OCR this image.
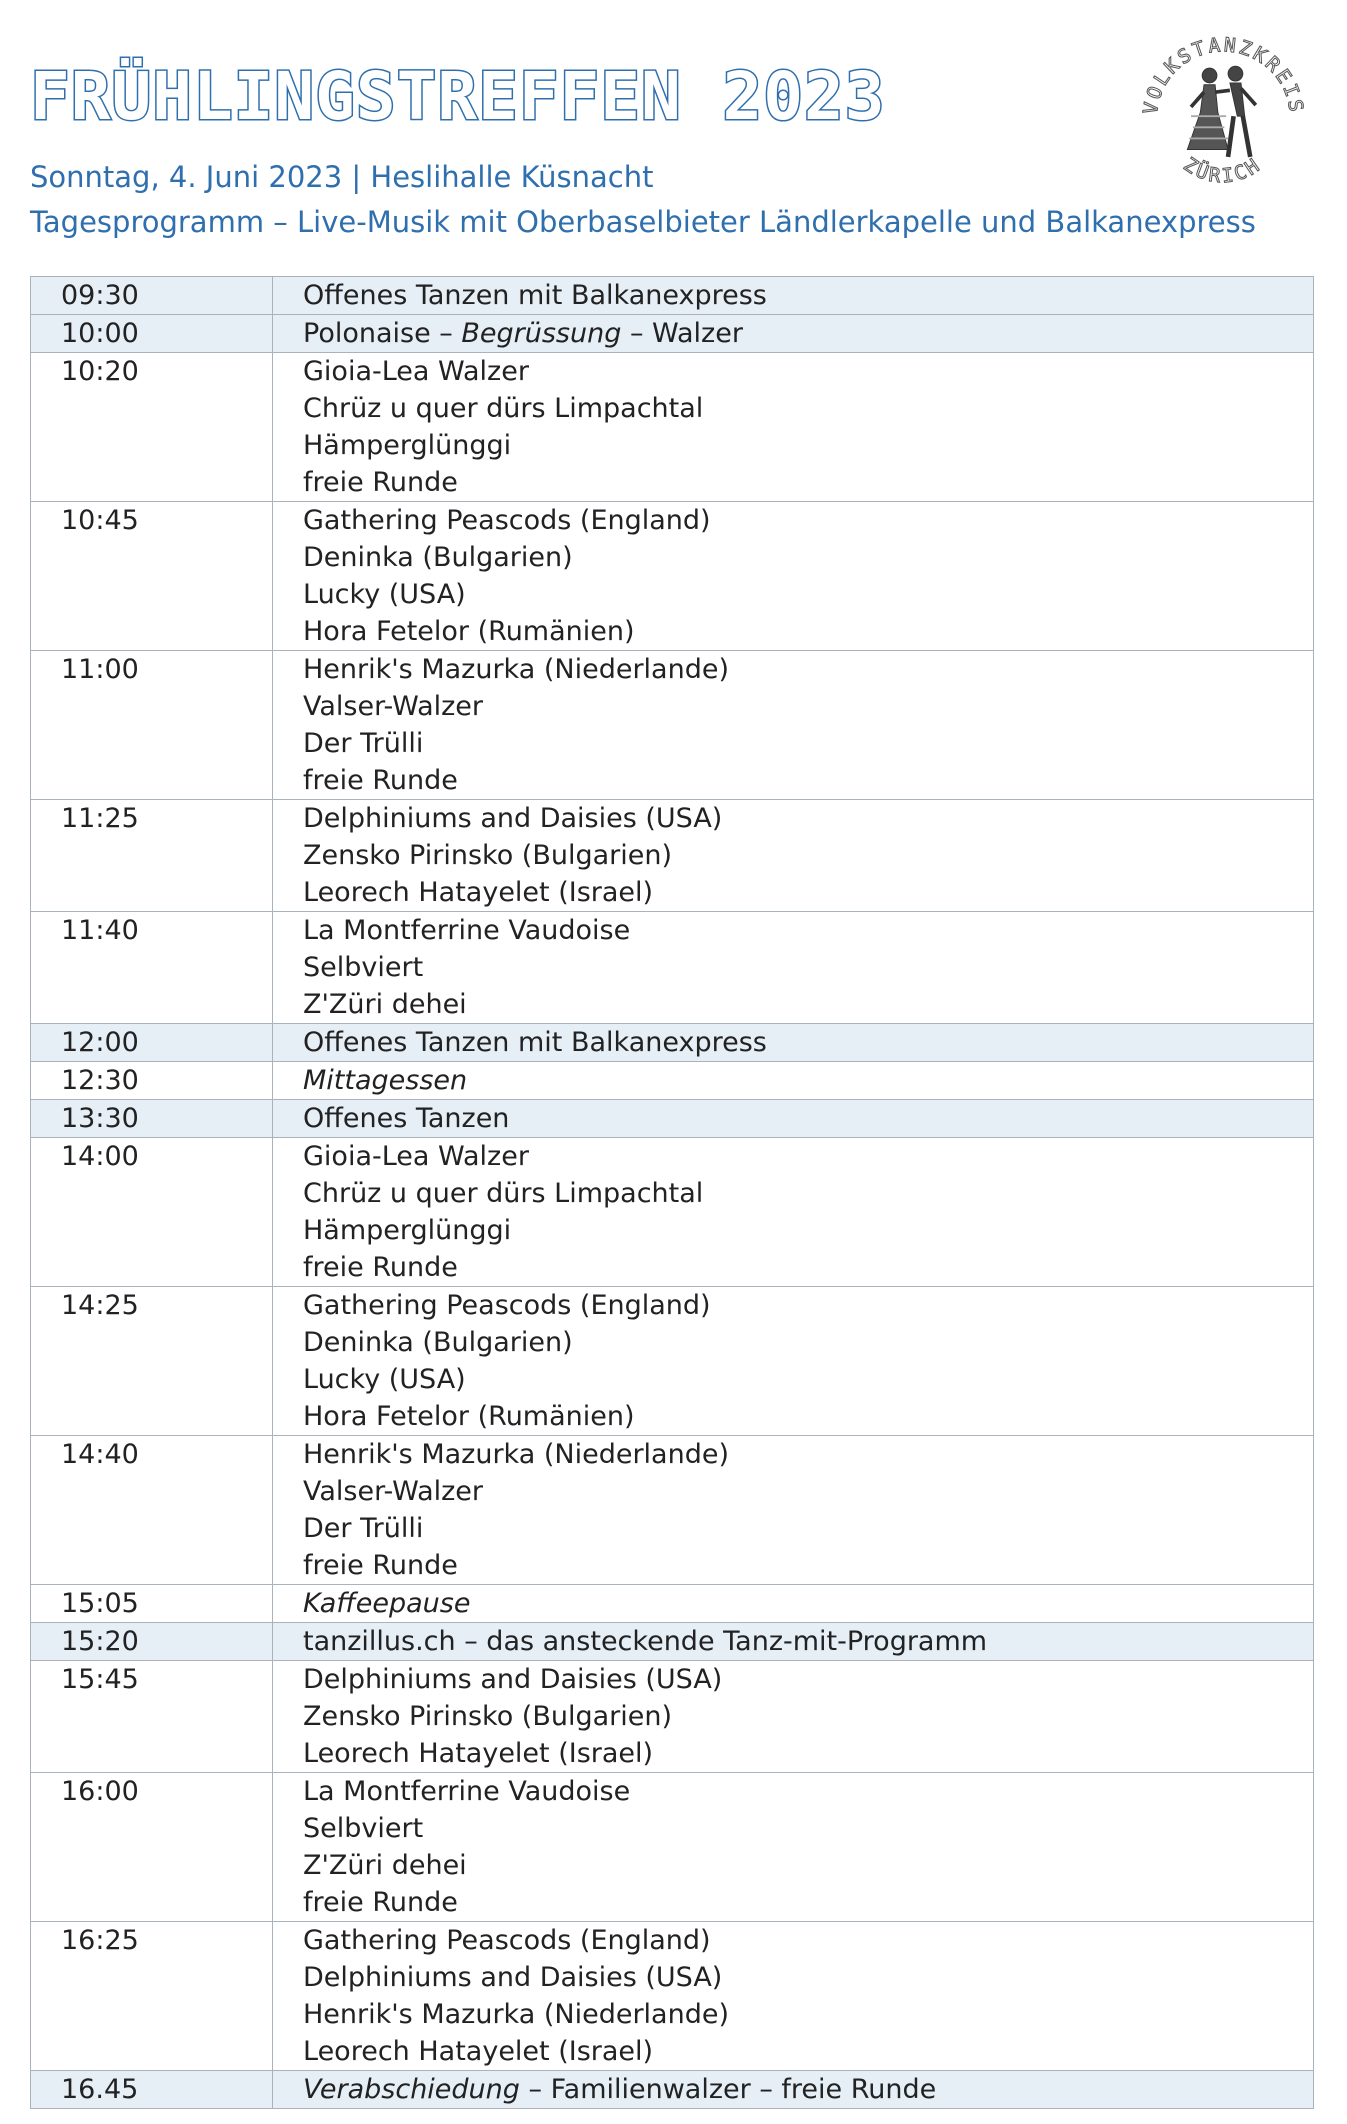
FRÜHLINGSTREFFEN 2023
Sonntag, 4. Juni 2023 | Heslihalle Küsnacht
Tagesprogramm – Live-Musik mit Oberbaselbieter Ländlerkapelle und Balkanexpress
VOLKSTANZKREIS
ZÜRICH
09:30	Offenes Tanzen mit Balkanexpress

10:00	Polonaise – Begrüssung – Walzer

10:20	Gioia-Lea Walzer
Chrüz u quer dürs Limpachtal
Hämperglünggi
freie Runde

10:45	Gathering Peascods (England)
Deninka (Bulgarien)
Lucky (USA)
Hora Fetelor (Rumänien)

11:00	Henrik's Mazurka (Niederlande)
Valser-Walzer
Der Trülli
freie Runde

11:25	Delphiniums and Daisies (USA)
Zensko Pirinsko (Bulgarien)
Leorech Hatayelet (Israel)

11:40	La Montferrine Vaudoise
Selbviert
Z'Züri dehei

12:00	Offenes Tanzen mit Balkanexpress

12:30	Mittagessen

13:30	Offenes Tanzen

14:00	Gioia-Lea Walzer
Chrüz u quer dürs Limpachtal
Hämperglünggi
freie Runde

14:25	Gathering Peascods (England)
Deninka (Bulgarien)
Lucky (USA)
Hora Fetelor (Rumänien)

14:40	Henrik's Mazurka (Niederlande)
Valser-Walzer
Der Trülli
freie Runde

15:05	Kaffeepause

15:20	tanzillus.ch – das ansteckende Tanz-mit-Programm

15:45	Delphiniums and Daisies (USA)
Zensko Pirinsko (Bulgarien)
Leorech Hatayelet (Israel)

16:00	La Montferrine Vaudoise
Selbviert
Z'Züri dehei
freie Runde

16:25	Gathering Peascods (England)
Delphiniums and Daisies (USA)
Henrik's Mazurka (Niederlande)
Leorech Hatayelet (Israel)

16.45	Verabschiedung – Familienwalzer – freie Runde
